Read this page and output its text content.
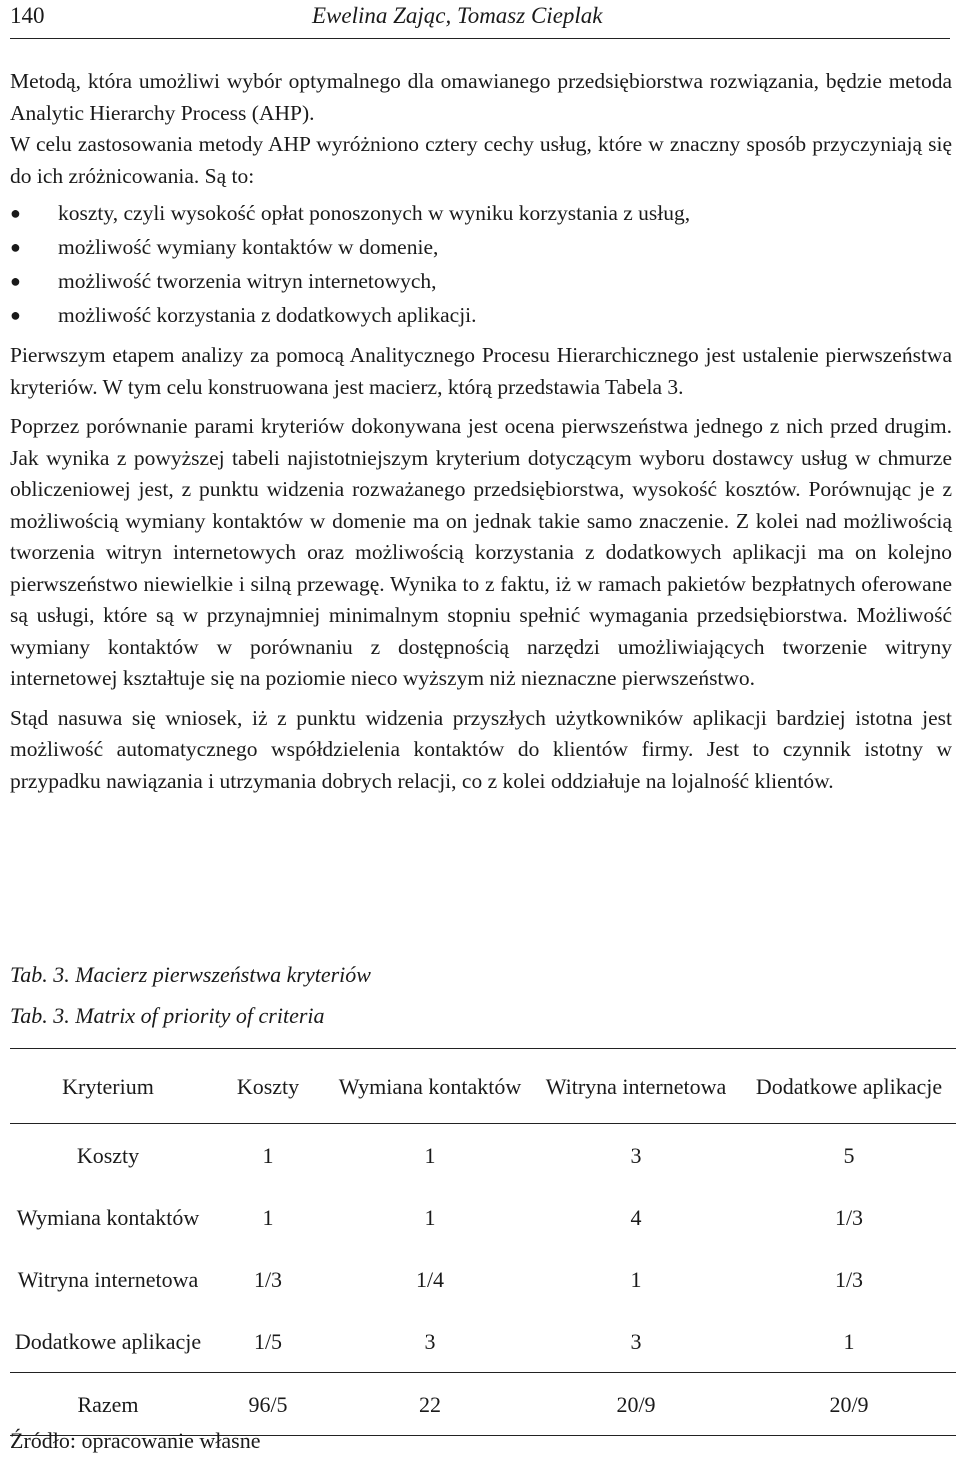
140	Ewelina Zając, Tomasz Cieplak

Metodą, która umożliwi wybór optymalnego dla omawianego przedsiębiorstwa rozwiązania, będzie metoda Analytic Hierarchy Process (AHP).

W celu zastosowania metody AHP wyróżniono cztery cechy usług, które w znaczny sposób przyczyniają się do ich zróżnicowania. Są to:

● koszty, czyli wysokość opłat ponoszonych w wyniku korzystania z usług,
● możliwość wymiany kontaktów w domenie,
● możliwość tworzenia witryn internetowych,
● możliwość korzystania z dodatkowych aplikacji.

Pierwszym etapem analizy za pomocą Analitycznego Procesu Hierarchicznego jest ustalenie pierwszeństwa kryteriów. W tym celu konstruowana jest macierz, którą przedstawia Tabela 3.

Poprzez porównanie parami kryteriów dokonywana jest ocena pierwszeństwa jednego z nich przed drugim. Jak wynika z powyższej tabeli najistotniejszym kryterium dotyczącym wyboru dostawcy usług w chmurze obliczeniowej jest, z punktu widzenia rozważanego przedsiębiorstwa, wysokość kosztów. Porównując je z możliwością wymiany kontaktów w domenie ma on jednak takie samo znaczenie. Z kolei nad możliwością tworzenia witryn internetowych oraz możliwością korzystania z dodatkowych aplikacji ma on kolejno pierwszeństwo niewielkie i silną przewagę. Wynika to z faktu, iż w ramach pakietów bezpłatnych oferowane są usługi, które są w przynajmniej minimalnym stopniu spełnić wymagania przedsiębiorstwa. Możliwość wymiany kontaktów w porównaniu z dostępnością narzędzi umożliwiających tworzenie witryny internetowej kształtuje się na poziomie nieco wyższym niż nieznaczne pierwszeństwo.

Stąd nasuwa się wniosek, iż z punktu widzenia przyszłych użytkowników aplikacji bardziej istotna jest możliwość automatycznego współdzielenia kontaktów do klientów firmy. Jest to czynnik istotny w przypadku nawiązania i utrzymania dobrych relacji, co z kolei oddziałuje na lojalność klientów.

Tab. 3. Macierz pierwszeństwa kryteriów
Tab. 3. Matrix of priority of criteria
Kryterium	Koszty	Wymiana kontaktów	Witryna internetowa	Dodatkowe aplikacje
Koszty	1	1	3	5
Wymiana kontaktów	1	1	4	1/3
Witryna internetowa	1/3	1/4	1	1/3
Dodatkowe aplikacje	1/5	3	3	1
Razem	96/5	22	20/9	20/9
Źródło: opracowanie własne
